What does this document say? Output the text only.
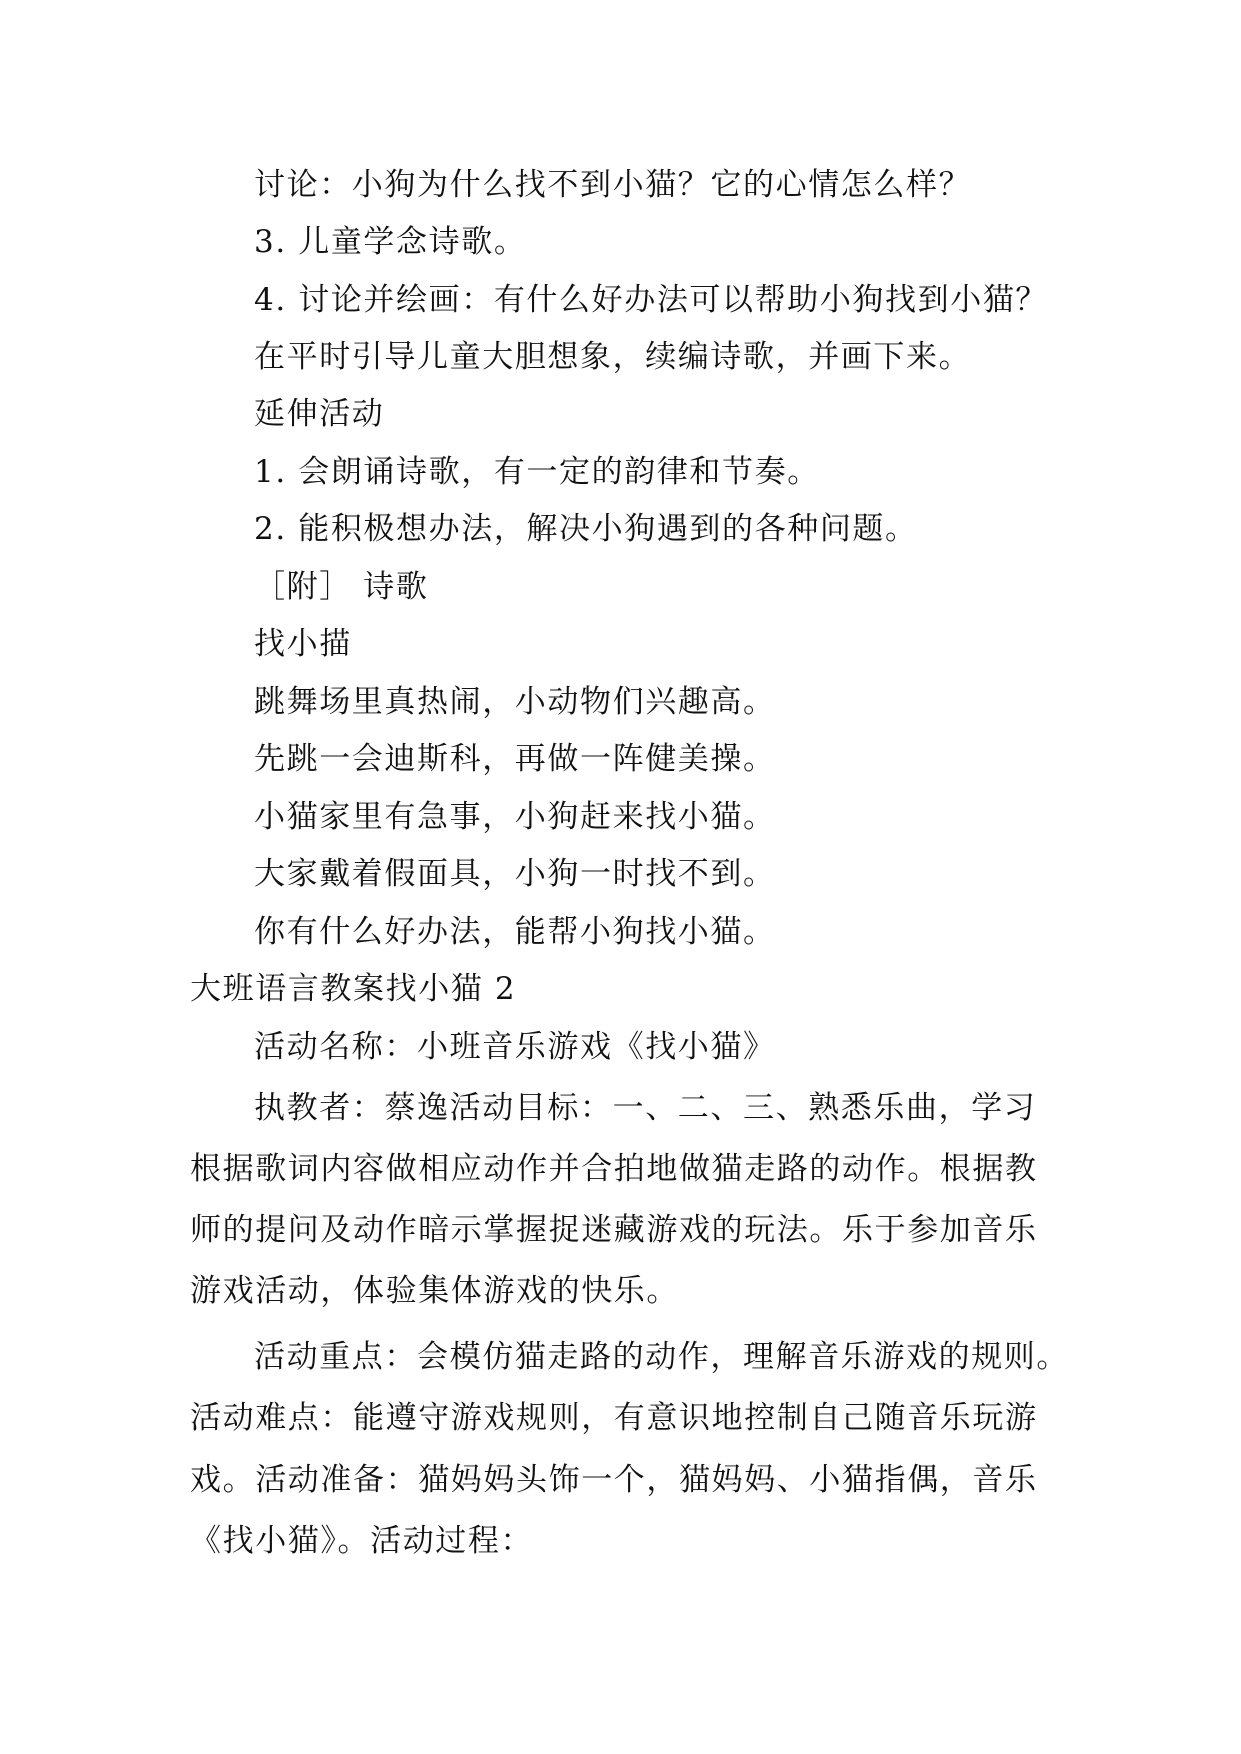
讨论：小狗为什么找不到小猫？它的心情怎么样？
3. 儿童学念诗歌。
4. 讨论并绘画：有什么好办法可以帮助小狗找到小猫？
在平时引导儿童大胆想象，续编诗歌，并画下来。
延伸活动
1. 会朗诵诗歌，有一定的韵律和节奏。
2. 能积极想办法，解决小狗遇到的各种问题。
［附］ 诗歌
找小描
跳舞场里真热闹，小动物们兴趣高。
先跳一会迪斯科，再做一阵健美操。
小猫家里有急事，小狗赶来找小猫。
大家戴着假面具，小狗一时找不到。
你有什么好办法，能帮小狗找小猫。
大班语言教案找小猫 2
活动名称：小班音乐游戏《找小猫》
执教者：蔡逸活动目标：一、二、三、熟悉乐曲，学习
根据歌词内容做相应动作并合拍地做猫走路的动作。根据教
师的提问及动作暗示掌握捉迷藏游戏的玩法。乐于参加音乐
游戏活动，体验集体游戏的快乐。
活动重点：会模仿猫走路的动作，理解音乐游戏的规则。
活动难点：能遵守游戏规则，有意识地控制自己随音乐玩游
戏。活动准备：猫妈妈头饰一个，猫妈妈、小猫指偶，音乐
《找小猫》。活动过程：
